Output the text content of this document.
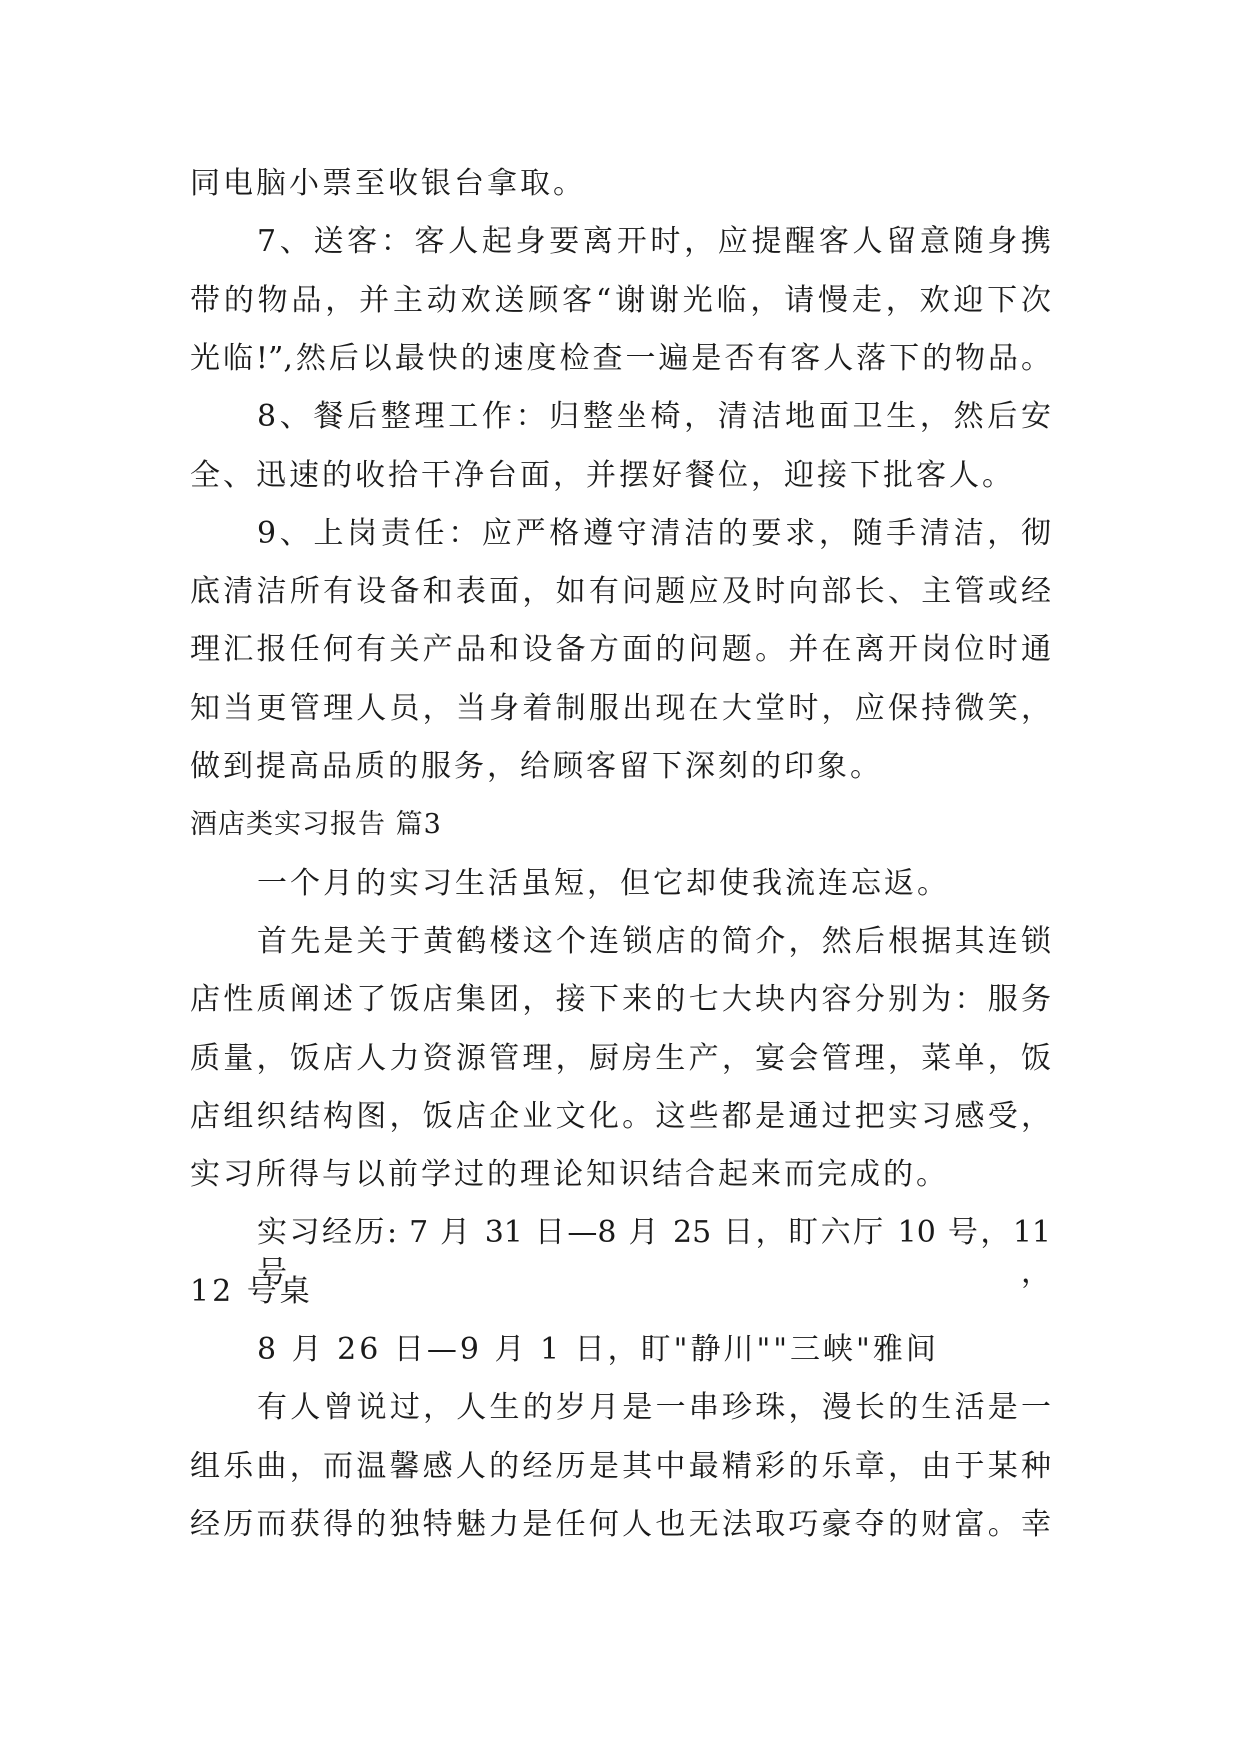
同电脑小票至收银台拿取。
7、送客：客人起身要离开时，应提醒客人留意随身携
带的物品，并主动欢送顾客“谢谢光临，请慢走，欢迎下次
光临!”,然后以最快的速度检查一遍是否有客人落下的物品。
8、餐后整理工作：归整坐椅，清洁地面卫生，然后安
全、迅速的收拾干净台面，并摆好餐位，迎接下批客人。
9、上岗责任：应严格遵守清洁的要求，随手清洁，彻
底清洁所有设备和表面，如有问题应及时向部长、主管或经
理汇报任何有关产品和设备方面的问题。并在离开岗位时通
知当更管理人员，当身着制服出现在大堂时，应保持微笑，
做到提高品质的服务，给顾客留下深刻的印象。
酒店类实习报告 篇3
一个月的实习生活虽短，但它却使我流连忘返。
首先是关于黄鹤楼这个连锁店的简介，然后根据其连锁
店性质阐述了饭店集团，接下来的七大块内容分别为：服务
质量，饭店人力资源管理，厨房生产，宴会管理，菜单，饭
店组织结构图，饭店企业文化。这些都是通过把实习感受，
实习所得与以前学过的理论知识结合起来而完成的。
实习经历: 7 月 31 日—8 月 25 日，盯六厅 10 号，11 号，
12 号桌
8 月 26 日—9 月 1 日，盯"静川""三峡"雅间
有人曾说过，人生的岁月是一串珍珠，漫长的生活是一
组乐曲，而温馨感人的经历是其中最精彩的乐章，由于某种
经历而获得的独特魅力是任何人也无法取巧豪夺的财富。幸
